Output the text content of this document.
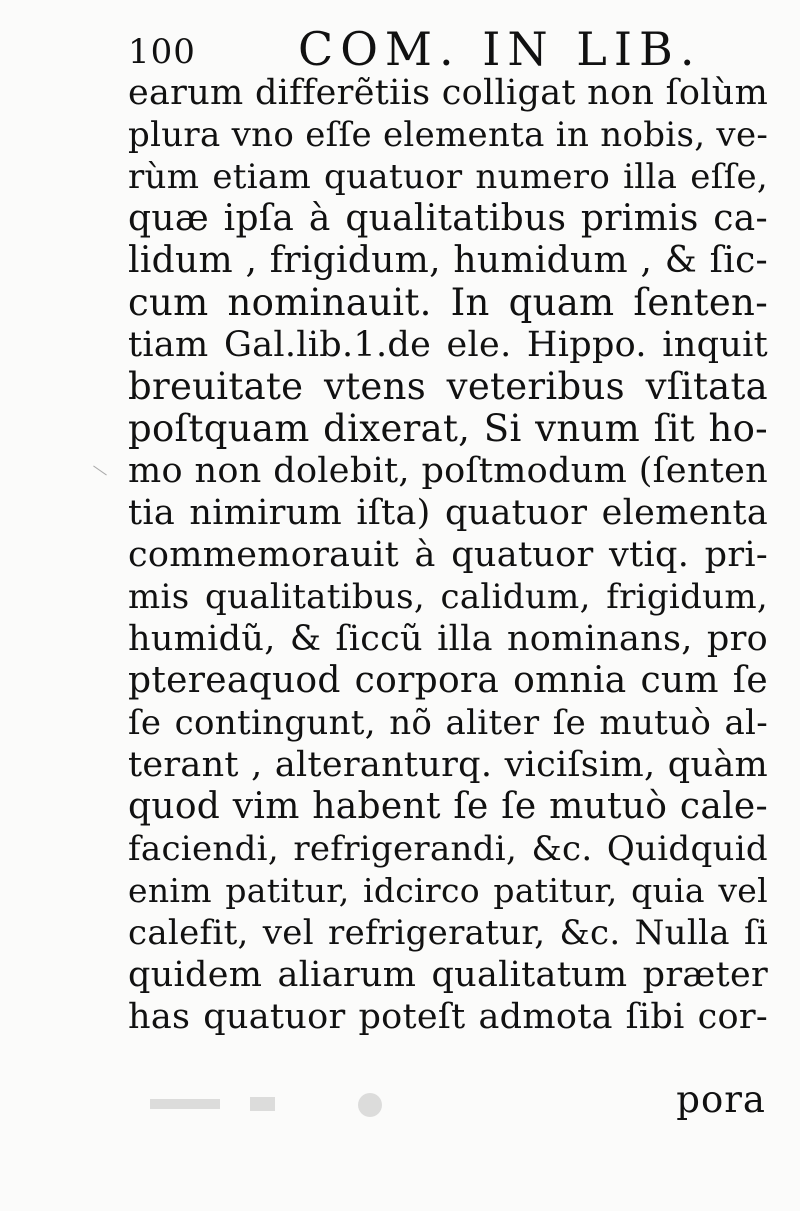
100 COM. IN LIB.
earum differẽtiis colligat non ſolùm
plura vno eſſe elementa in nobis, ve-
rùm etiam quatuor numero illa eſſe,
quæ ipſa à qualitatibus primis ca-
lidum , frigidum, humidum , & ſic-
cum nominauit. In quam ſenten-
tiam Gal.lib.1.de ele. Hippo. inquit
breuitate vtens veteribus vſitata
poſtquam dixerat, Si vnum ſit ho-
mo non dolebit, poſtmodum (ſenten
tia nimirum iſta) quatuor elementa
commemorauit à quatuor vtiq. pri-
mis qualitatibus, calidum, frigidum,
humidũ, & ſiccũ illa nominans, pro
ptereaquod corpora omnia cum ſe
ſe contingunt, nõ aliter ſe mutuò al-
terant , alteranturq. viciſsim, quàm
quod vim habent ſe ſe mutuò cale-
faciendi, refrigerandi, &c. Quidquid
enim patitur, idcirco patitur, quia vel
calefit, vel refrigeratur, &c. Nulla ſi
quidem aliarum qualitatum præter
has quatuor poteſt admota ſibi cor-
pora
